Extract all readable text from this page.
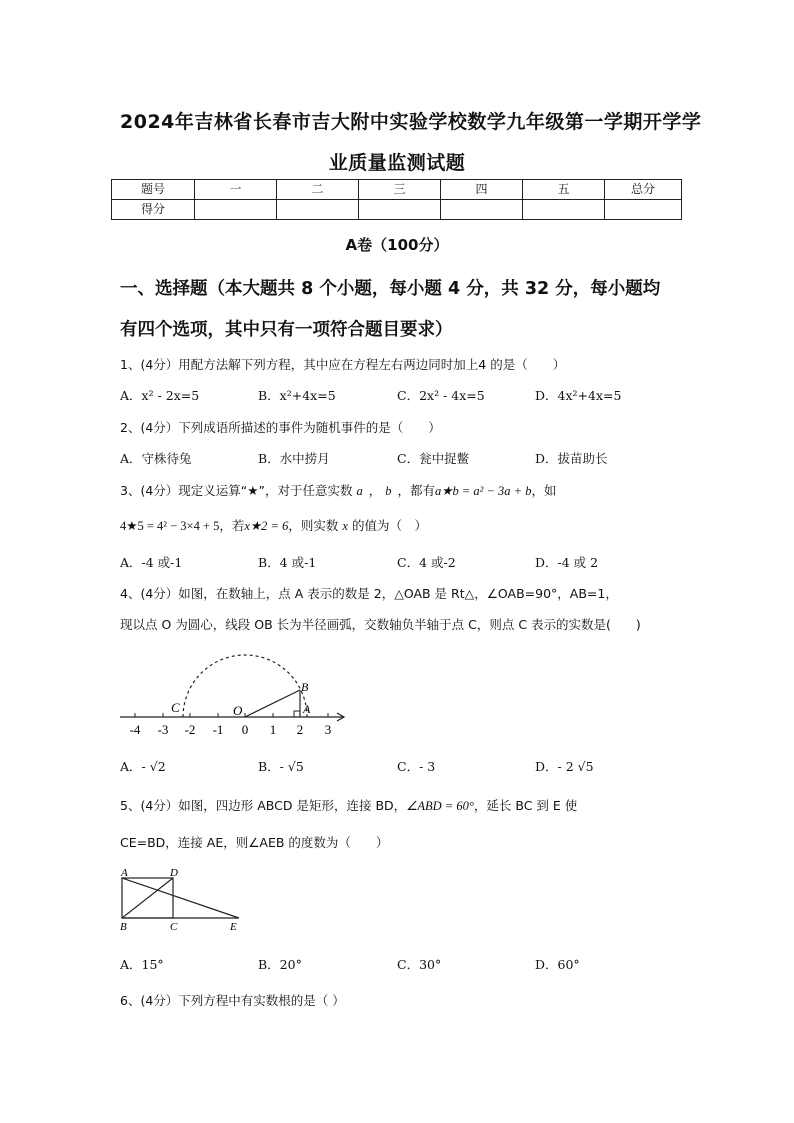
2024年吉林省长春市吉大附中实验学校数学九年级第一学期开学学
业质量监测试题
题号	一	二	三	四	五	总分
得分						
A卷（100分）
一、选择题（本大题共 8 个小题，每小题 4 分，共 32 分，每小题均
有四个选项，其中只有一项符合题目要求）
1、(4分）用配方法解下列方程，其中应在方程左右两边同时加上4 的是（　　）
A．x² - 2x=5	B．x²+4x=5	C．2x² - 4x=5	D．4x²+4x=5
2、(4分）下列成语所描述的事件为随机事件的是（　　）
A．守株待兔	B．水中捞月	C．瓮中捉鳖	D．拔苗助长
3、(4分）现定义运算“★”，对于任意实数 a ， b ，都有a★b = a² − 3a + b，如
4★5 = 4² − 3×4 + 5，若x★2 = 6，则实数 x 的值为（　）
A．-4 或-1	B．4 或-1	C．4 或-2	D．-4 或 2
4、(4分）如图，在数轴上，点 A 表示的数是 2，△OAB 是 Rt△，∠OAB=90°，AB=1，
现以点 O 为圆心，线段 OB 长为半径画弧，交数轴负半轴于点 C，则点 C 表示的实数是(　　)
C	O	A
B
-4 -3 -2 -1 0 1 2 3
A．- √2	B．- √5	C．- 3	D．- 2 √5
5、(4分）如图，四边形 ABCD 是矩形，连接 BD，∠ABD = 60°，延长 BC 到 E 使
CE=BD，连接 AE，则∠AEB 的度数为（　　）
A	D
B	C	E
A．15°	B．20°	C．30°	D．60°
6、(4分）下列方程中有实数根的是（ ）
